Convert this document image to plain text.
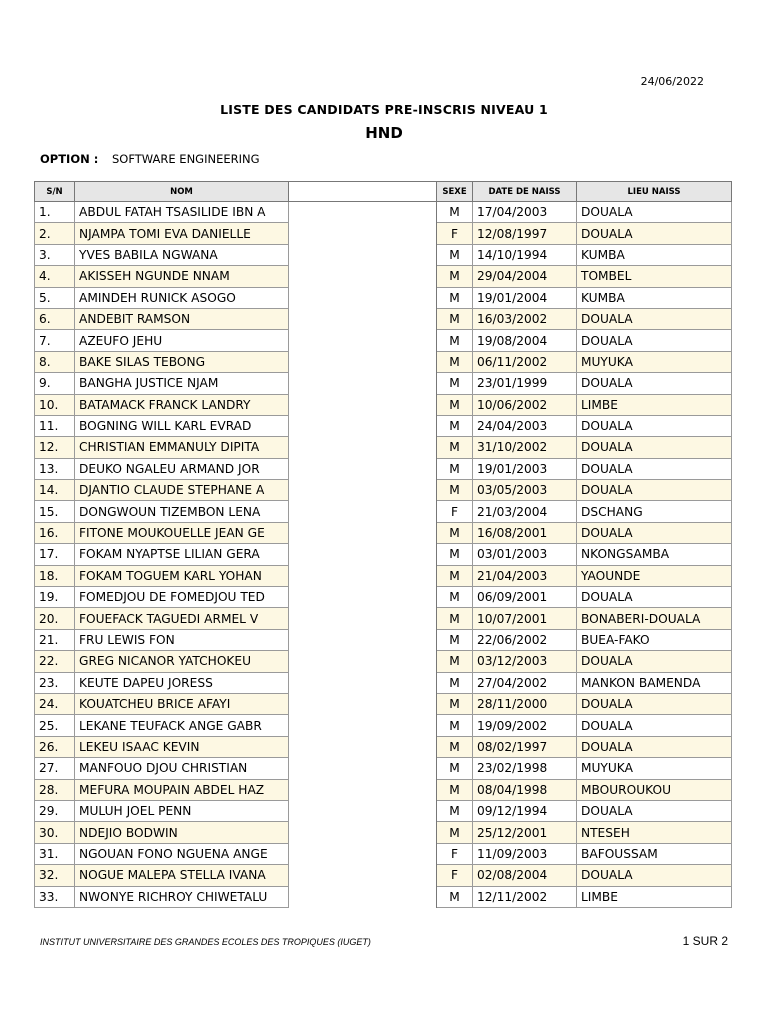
24/06/2022
LISTE DES CANDIDATS PRE-INSCRIS NIVEAU 1
HND
OPTION : SOFTWARE ENGINEERING
S/N	NOM		SEXE	DATE DE NAISS	LIEU NAISS
1.	ABDUL FATAH TSASILIDE IBN A		M	17/04/2003	DOUALA
2.	NJAMPA TOMI EVA DANIELLE		F	12/08/1997	DOUALA
3.	YVES BABILA NGWANA		M	14/10/1994	KUMBA
4.	AKISSEH NGUNDE NNAM		M	29/04/2004	TOMBEL
5.	AMINDEH RUNICK ASOGO		M	19/01/2004	KUMBA
6.	ANDEBIT RAMSON		M	16/03/2002	DOUALA
7.	AZEUFO JEHU		M	19/08/2004	DOUALA
8.	BAKE SILAS TEBONG		M	06/11/2002	MUYUKA
9.	BANGHA JUSTICE NJAM		M	23/01/1999	DOUALA
10.	BATAMACK FRANCK LANDRY		M	10/06/2002	LIMBE
11.	BOGNING WILL KARL EVRAD		M	24/04/2003	DOUALA
12.	CHRISTIAN EMMANULY DIPITA		M	31/10/2002	DOUALA
13.	DEUKO NGALEU ARMAND JOR		M	19/01/2003	DOUALA
14.	DJANTIO CLAUDE STEPHANE A		M	03/05/2003	DOUALA
15.	DONGWOUN TIZEMBON LENA		F	21/03/2004	DSCHANG
16.	FITONE MOUKOUELLE JEAN GE		M	16/08/2001	DOUALA
17.	FOKAM NYAPTSE LILIAN GERA		M	03/01/2003	NKONGSAMBA
18.	FOKAM TOGUEM KARL YOHAN		M	21/04/2003	YAOUNDE
19.	FOMEDJOU DE FOMEDJOU TED		M	06/09/2001	DOUALA
20.	FOUEFACK TAGUEDI ARMEL V		M	10/07/2001	BONABERI-DOUALA
21.	FRU LEWIS FON		M	22/06/2002	BUEA-FAKO
22.	GREG NICANOR YATCHOKEU		M	03/12/2003	DOUALA
23.	KEUTE DAPEU JORESS		M	27/04/2002	MANKON BAMENDA
24.	KOUATCHEU BRICE AFAYI		M	28/11/2000	DOUALA
25.	LEKANE TEUFACK ANGE GABR		M	19/09/2002	DOUALA
26.	LEKEU ISAAC KEVIN		M	08/02/1997	DOUALA
27.	MANFOUO DJOU CHRISTIAN		M	23/02/1998	MUYUKA
28.	MEFURA MOUPAIN ABDEL HAZ		M	08/04/1998	MBOUROUKOU
29.	MULUH JOEL PENN		M	09/12/1994	DOUALA
30.	NDEJIO BODWIN		M	25/12/2001	NTESEH
31.	NGOUAN FONO NGUENA ANGE		F	11/09/2003	BAFOUSSAM
32.	NOGUE MALEPA STELLA IVANA		F	02/08/2004	DOUALA
33.	NWONYE RICHROY CHIWETALU		M	12/11/2002	LIMBE
INSTITUT UNIVERSITAIRE DES GRANDES ECOLES DES TROPIQUES (IUGET)	1 SUR 2
